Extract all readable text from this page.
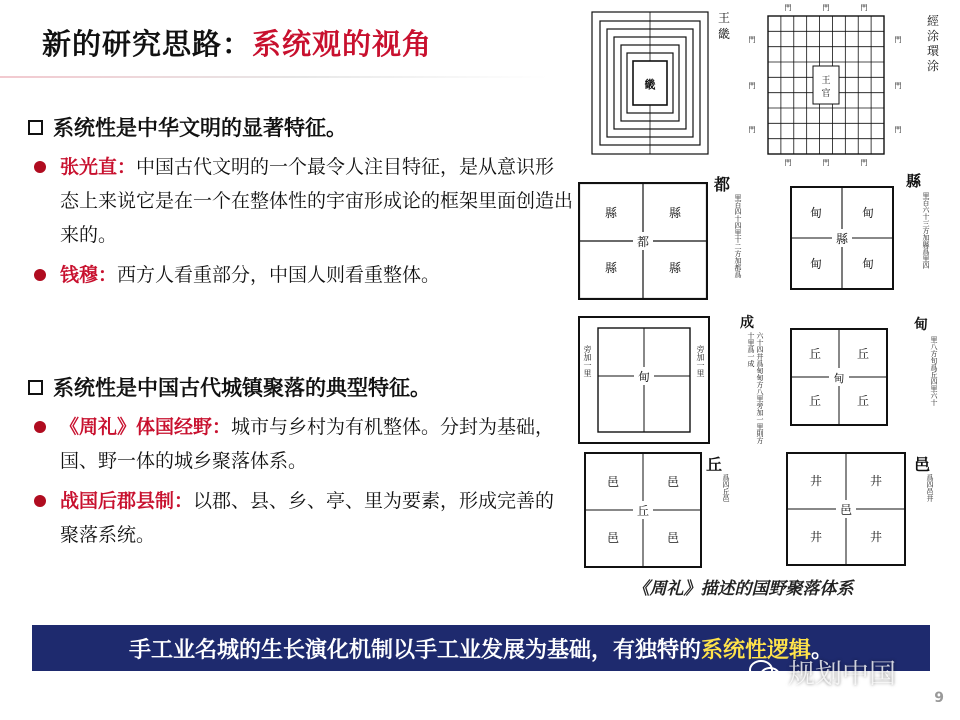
新的研究思路：系统观的视角
系统性是中华文明的显著特征。
张光直：中国古代文明的一个最令人注目特征，是从意识形态上来说它是在一个在整体性的宇宙形成论的框架里面创造出来的。
钱穆：西方人看重部分，中国人则看重整体。
系统性是中国古代城镇聚落的典型特征。
《周礼》体国经野：城市与乡村为有机整体。分封为基础，国、野一体的城乡聚落体系。
战国后郡县制：以郡、县、乡、亭、里为要素，形成完善的聚落系统。
畿
王
畿
王
官
門	門	門
門	門	門
門
門
門
門
門
門
經
涂
環
涂
都
縣	縣
縣	縣
都
里百四十四里十二方加都爲	縣
甸	甸
甸	甸
縣
里百六十三方加縣爲里四
甸
旁加一里	旁加一里
成
六十四井爲甸甸方八里旁加一里則方十里爲一成
甸
丘	丘
丘	丘
甸
里八方旬爲丘四里六十
丘
邑	邑
邑	邑
丘
爲四丘邑
邑
井	井
井	井
邑
爲四邑井
《周礼》描述的国野聚落体系
手工业名城的生长演化机制以手工业发展为基础，有独特的 系统性逻辑 。
规划中国
9
